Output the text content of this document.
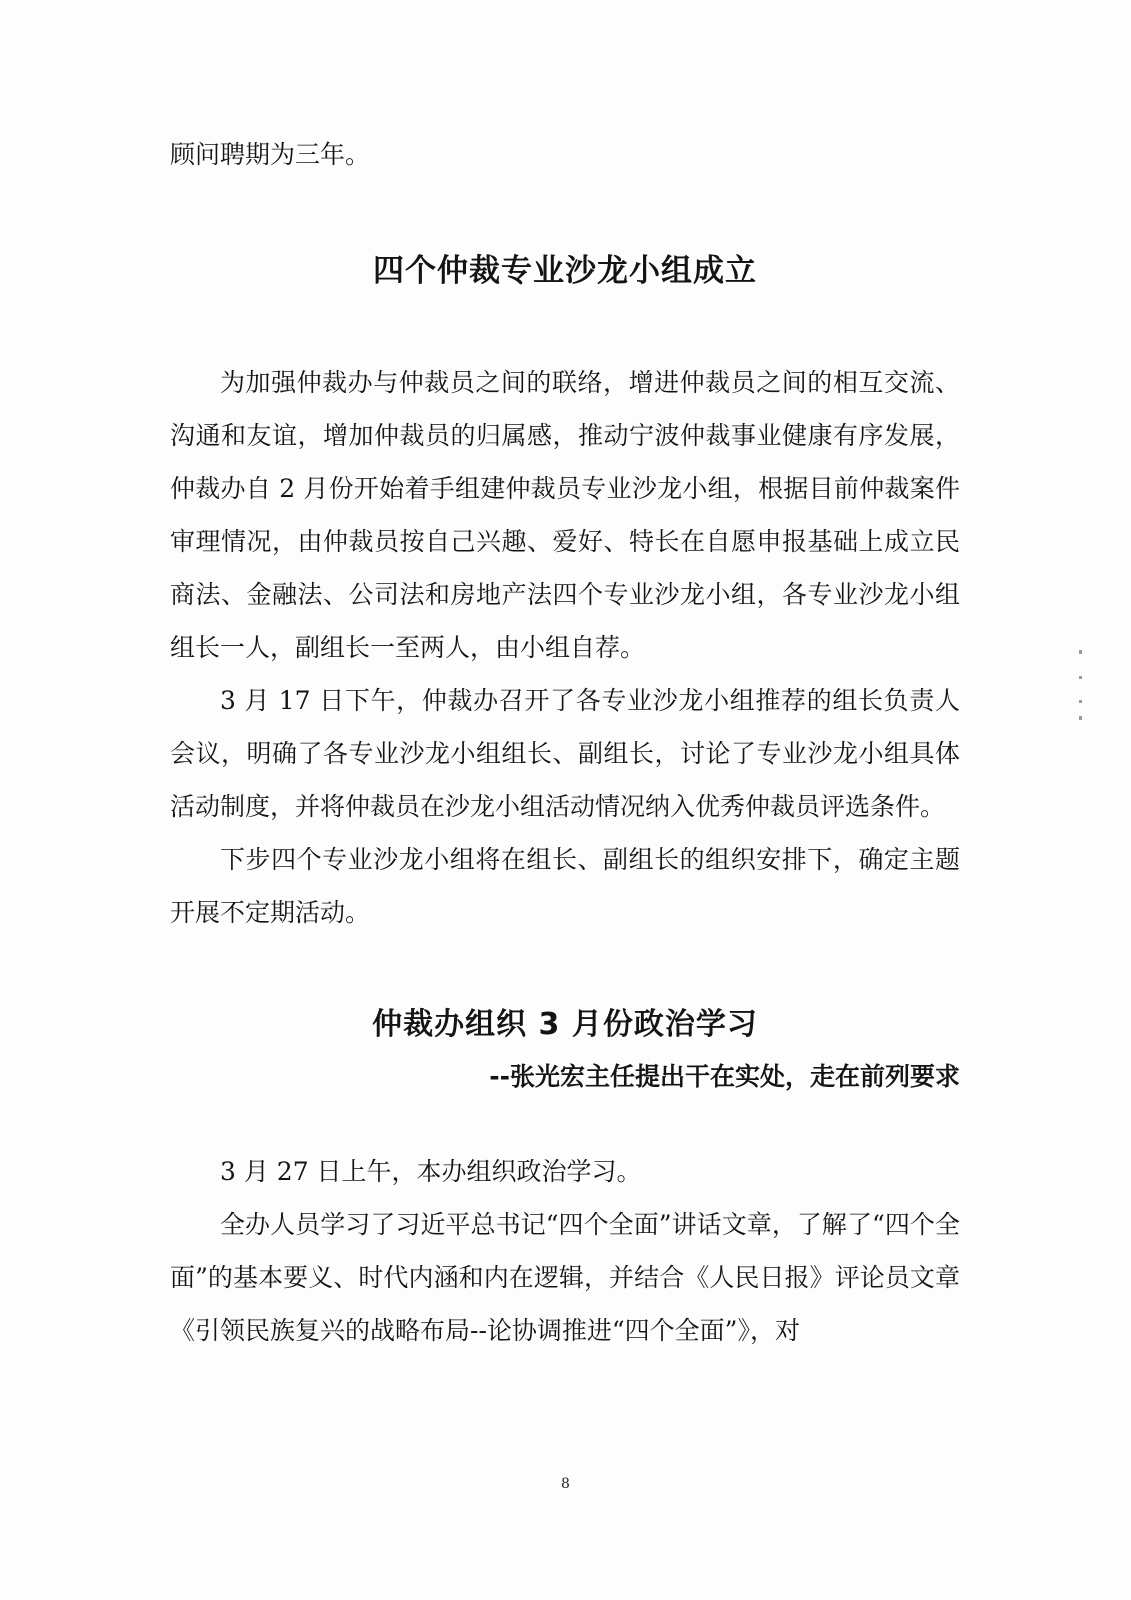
顾问聘期为三年。

四个仲裁专业沙龙小组成立

为加强仲裁办与仲裁员之间的联络，增进仲裁员之间的相互交流、沟通和友谊，增加仲裁员的归属感，推动宁波仲裁事业健康有序发展，仲裁办自 2 月份开始着手组建仲裁员专业沙龙小组，根据目前仲裁案件审理情况，由仲裁员按自己兴趣、爱好、特长在自愿申报基础上成立民商法、金融法、公司法和房地产法四个专业沙龙小组，各专业沙龙小组组长一人，副组长一至两人，由小组自荐。

3 月 17 日下午，仲裁办召开了各专业沙龙小组推荐的组长负责人会议，明确了各专业沙龙小组组长、副组长，讨论了专业沙龙小组具体活动制度，并将仲裁员在沙龙小组活动情况纳入优秀仲裁员评选条件。

下步四个专业沙龙小组将在组长、副组长的组织安排下，确定主题开展不定期活动。

仲裁办组织 3 月份政治学习

--张光宏主任提出干在实处，走在前列要求

3 月 27 日上午，本办组织政治学习。

全办人员学习了习近平总书记“四个全面”讲话文章，了解了“四个全面”的基本要义、时代内涵和内在逻辑，并结合《人民日报》评论员文章《引领民族复兴的战略布局--论协调推进“四个全面”》，对

8
